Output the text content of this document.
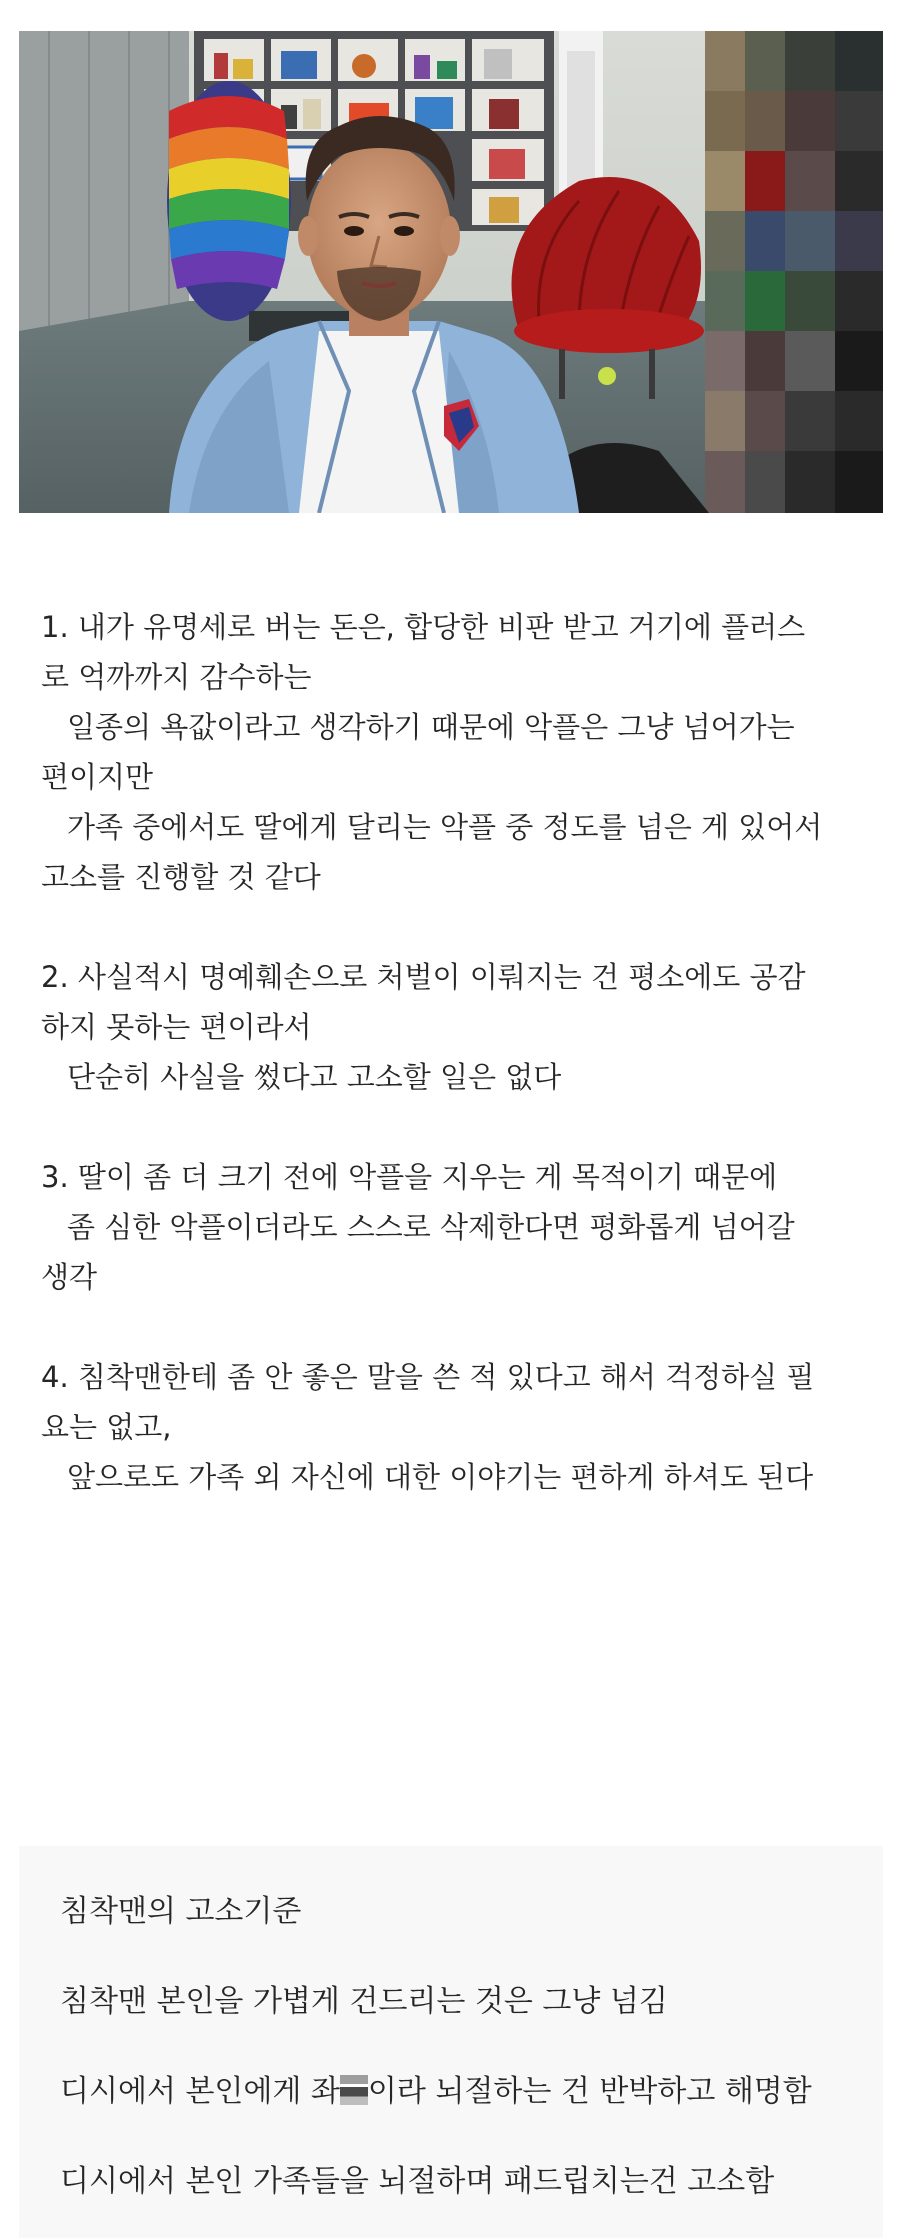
1. 내가 유명세로 버는 돈은, 합당한 비판 받고 거기에 플러스
로 억까까지 감수하는
일종의 욕값이라고 생각하기 때문에 악플은 그냥 넘어가는
편이지만
가족 중에서도 딸에게 달리는 악플 중 정도를 넘은 게 있어서
고소를 진행할 것 같다
2. 사실적시 명예훼손으로 처벌이 이뤄지는 건 평소에도 공감
하지 못하는 편이라서
단순히 사실을 썼다고 고소할 일은 없다
3. 딸이 좀 더 크기 전에 악플을 지우는 게 목적이기 때문에
좀 심한 악플이더라도 스스로 삭제한다면 평화롭게 넘어갈
생각
4. 침착맨한테 좀 안 좋은 말을 쓴 적 있다고 해서 걱정하실 필
요는 없고,
앞으로도 가족 외 자신에 대한 이야기는 편하게 하셔도 된다
침착맨의 고소기준
침착맨 본인을 가볍게 건드리는 것은 그냥 넘김
디시에서 본인에게 좌 이라 뇌절하는 건 반박하고 해명함
디시에서 본인 가족들을 뇌절하며 패드립치는건 고소함
